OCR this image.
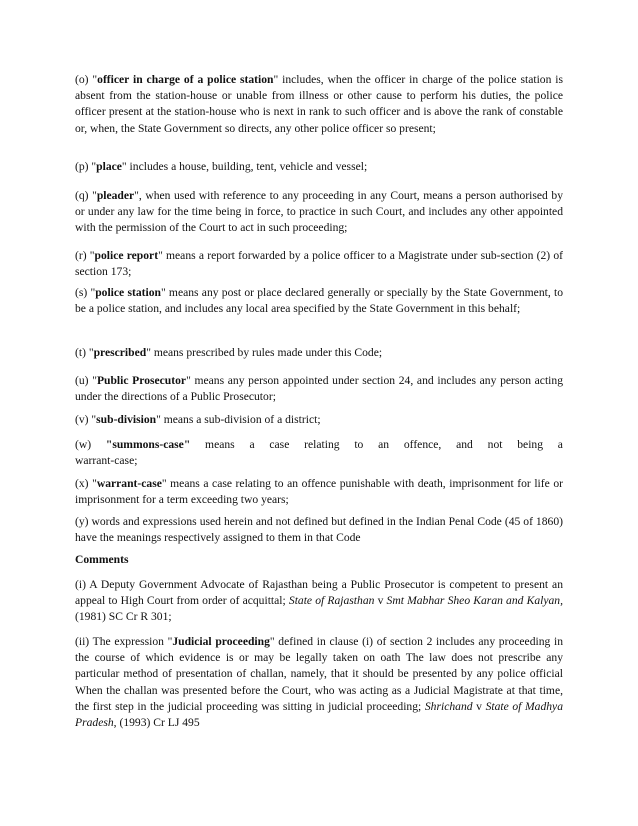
(o) "officer in charge of a police station" includes, when the officer in charge of the police station is absent from the station-house or unable from illness or other cause to perform his duties, the police officer present at the station-house who is next in rank to such officer and is above the rank of constable or, when, the State Government so directs, any other police officer so present;

(p) "place" includes a house, building, tent, vehicle and vessel;

(q) "pleader", when used with reference to any proceeding in any Court, means a person authorised by or under any law for the time being in force, to practice in such Court, and includes any other appointed with the permission of the Court to act in such proceeding;

(r) "police report" means a report forwarded by a police officer to a Magistrate under sub-section (2) of section 173;

(s) "police station" means any post or place declared generally or specially by the State Government, to be a police station, and includes any local area specified by the State Government in this behalf;

(t) "prescribed" means prescribed by rules made under this Code;

(u) "Public Prosecutor" means any person appointed under section 24, and includes any person acting under the directions of a Public Prosecutor;

(v) "sub-division" means a sub-division of a district;

(w) "summons-case" means a case relating to an offence, and not being a
warrant-case;

(x) "warrant-case" means a case relating to an offence punishable with death, imprisonment for life or imprisonment for a term exceeding two years;

(y) words and expressions used herein and not defined but defined in the Indian Penal Code (45 of 1860) have the meanings respectively assigned to them in that Code

Comments

(i) A Deputy Government Advocate of Rajasthan being a Public Prosecutor is competent to present an appeal to High Court from order of acquittal; State of Rajasthan v Smt Mabhar Sheo Karan and Kalyan, (1981) SC Cr R 301;

(ii) The expression "Judicial proceeding" defined in clause (i) of section 2 includes any proceeding in the course of which evidence is or may be legally taken on oath The law does not prescribe any particular method of presentation of challan, namely, that it should be presented by any police official When the challan was presented before the Court, who was acting as a Judicial Magistrate at that time, the first step in the judicial proceeding was sitting in judicial proceeding; Shrichand v State of Madhya Pradesh, (1993) Cr LJ 495
